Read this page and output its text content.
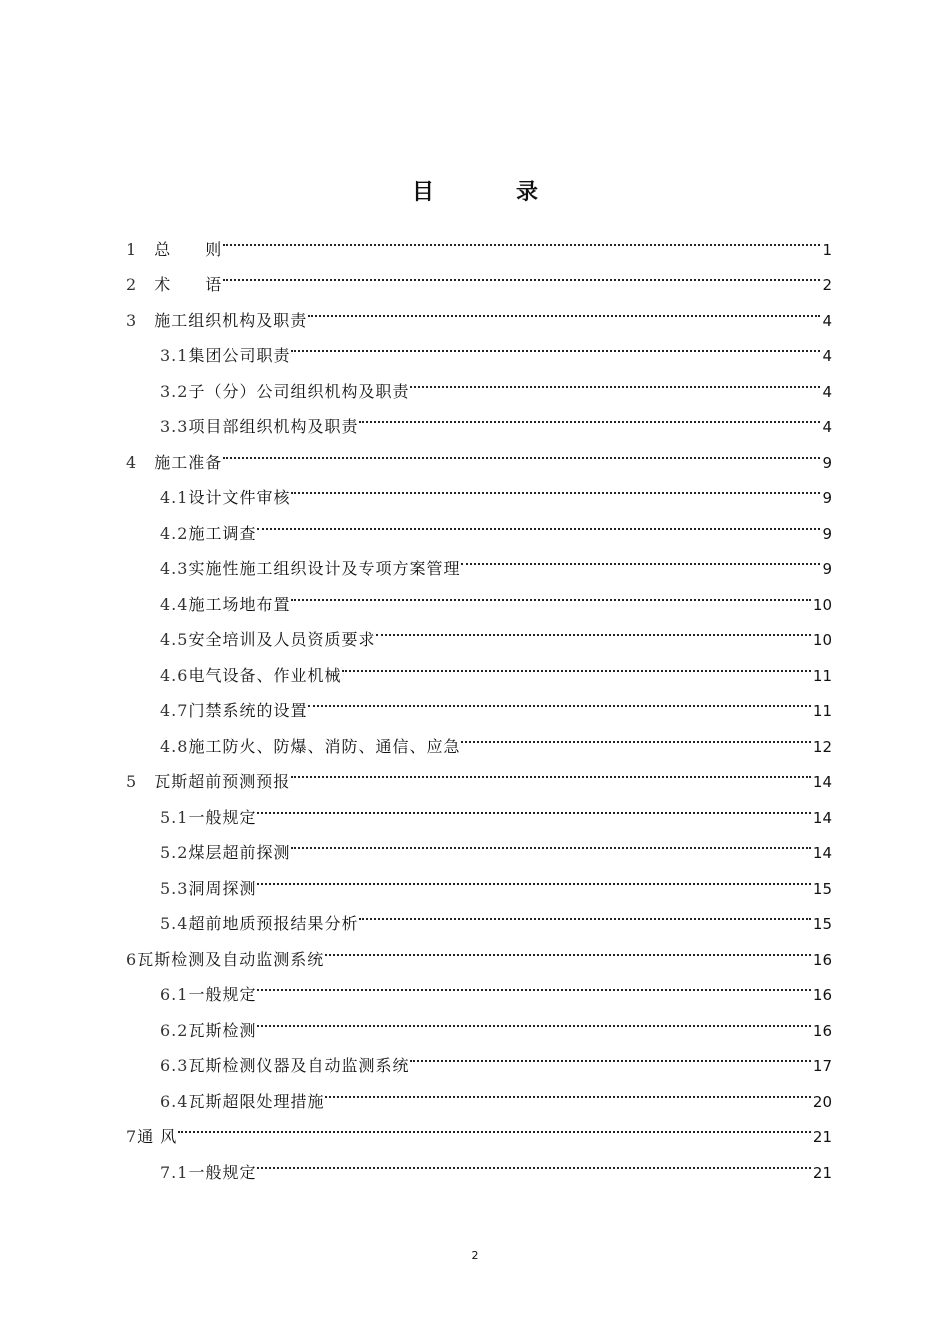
目　录
1　 总　　则	1
2　 术　　语	2
3　 施工组织机构及职责	4
3.1 集团公司职责	4
3.2 子（分）公司组织机构及职责	4
3.3 项目部组织机构及职责	4
4　 施工准备	9
4.1 设计文件审核	9
4.2 施工调查	9
4.3 实施性施工组织设计及专项方案管理	9
4.4 施工场地布置	10
4.5 安全培训及人员资质要求	10
4.6 电气设备、作业机械	11
4.7 门禁系统的设置	11
4.8 施工防火、防爆、消防、通信、应急	12
5　 瓦斯超前预测预报	14
5.1 一般规定	14
5.2 煤层超前探测	14
5.3 洞周探测	15
5.4 超前地质预报结果分析	15
6 瓦斯检测及自动监测系统	16
6.1 一般规定	16
6.2 瓦斯检测	16
6.3 瓦斯检测仪器及自动监测系统	17
6.4 瓦斯超限处理措施	20
7 通 风	21
7.1 一般规定	21
2
